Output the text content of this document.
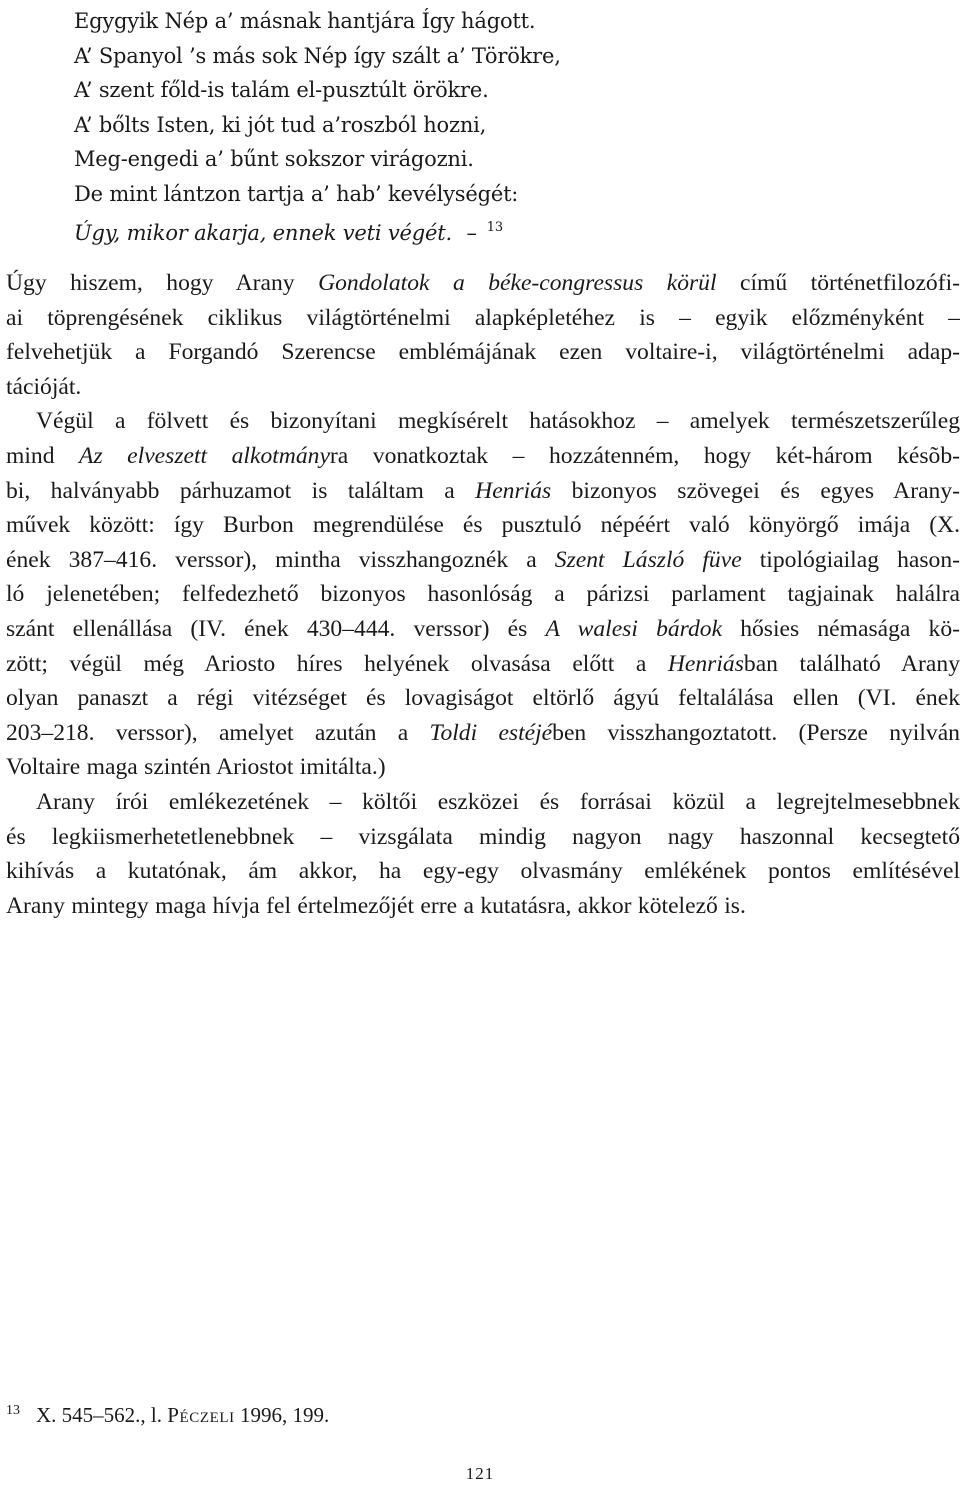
Egygyik Nép a’ másnak hantjára Így hágott.
A’ Spanyol ’s más sok Nép így szált a’ Törökre,
A’ szent főld-is talám el-pusztúlt örökre.
A’ bőlts Isten, ki jót tud a’roszból hozni,
Meg-engedi a’ bűnt sokszor virágozni.
De mint lántzon tartja a’ hab’ kevélységét:
Úgy, mikor akarja, ennek veti végét. – $^{13}$
Úgy hiszem, hogy Arany Gondolatok a béke-congressus körül című történetfilozófi-
ai töprengésének ciklikus világtörténelmi alapképletéhez is – egyik előzményként –
felvehetjük a Forgandó Szerencse emblémájának ezen voltaire-i, világtörténelmi adap-
tációját.
Végül a fölvett és bizonyítani megkísérelt hatásokhoz – amelyek természetszerűleg
mind Az elveszett alkotmányra vonatkoztak – hozzátenném, hogy két-három késõb-
bi, halványabb párhuzamot is találtam a Henriás bizonyos szövegei és egyes Arany-
művek között: így Burbon megrendülése és pusztuló népéért való könyörgő imája (X.
ének 387–416. verssor), mintha visszhangoznék a Szent László füve tipológiailag hason-
ló jelenetében; felfedezhető bizonyos hasonlóság a párizsi parlament tagjainak halálra
szánt ellenállása (IV. ének 430–444. verssor) és A walesi bárdok hősies némasága kö-
zött; végül még Ariosto híres helyének olvasása előtt a Henriásban található Arany
olyan panaszt a régi vitézséget és lovagiságot eltörlő ágyú feltalálása ellen (VI. ének
203–218. verssor), amelyet azután a Toldi estéjében visszhangoztatott. (Persze nyilván
Voltaire maga szintén Ariostot imitálta.)
Arany írói emlékezetének – költői eszközei és forrásai közül a legrejtelmesebbnek
és legkiismerhetetlenebbnek – vizsgálata mindig nagyon nagy haszonnal kecsegtető
kihívás a kutatónak, ám akkor, ha egy-egy olvasmány emlékének pontos említésével
Arany mintegy maga hívja fel értelmezőjét erre a kutatásra, akkor kötelező is.
13 X. 545–562., l. Péczeli 1996, 199.
121
